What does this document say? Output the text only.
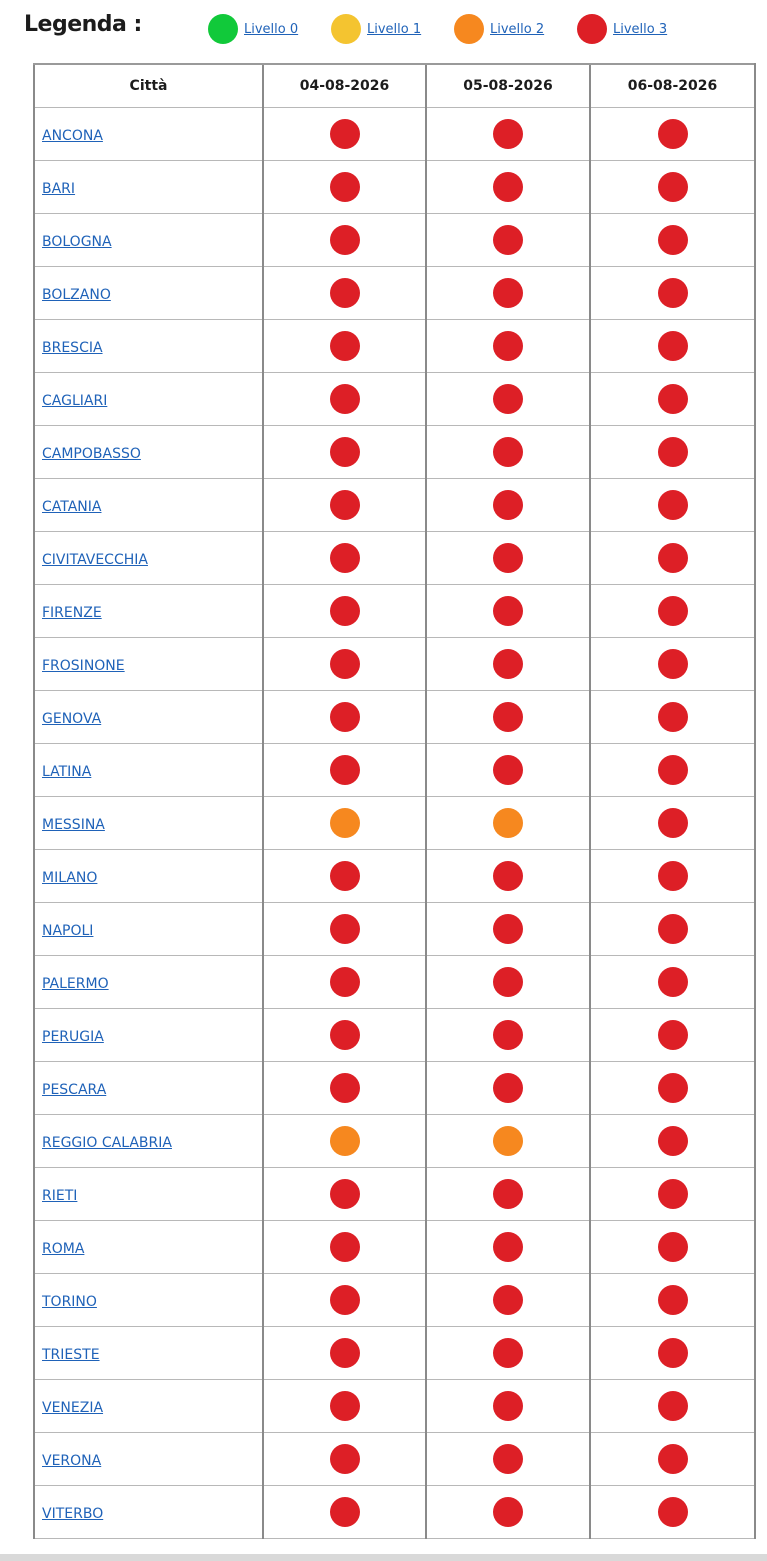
Legenda :	Livello 0	Livello 1	Livello 2	Livello 3
Città	04-08-2026	05-08-2026	06-08-2026
ANCONA			
BARI			
BOLOGNA			
BOLZANO			
BRESCIA			
CAGLIARI			
CAMPOBASSO			
CATANIA			
CIVITAVECCHIA			
FIRENZE			
FROSINONE			
GENOVA			
LATINA			
MESSINA			
MILANO			
NAPOLI			
PALERMO			
PERUGIA			
PESCARA			
REGGIO CALABRIA			
RIETI			
ROMA			
TORINO			
TRIESTE			
VENEZIA			
VERONA			
VITERBO			
